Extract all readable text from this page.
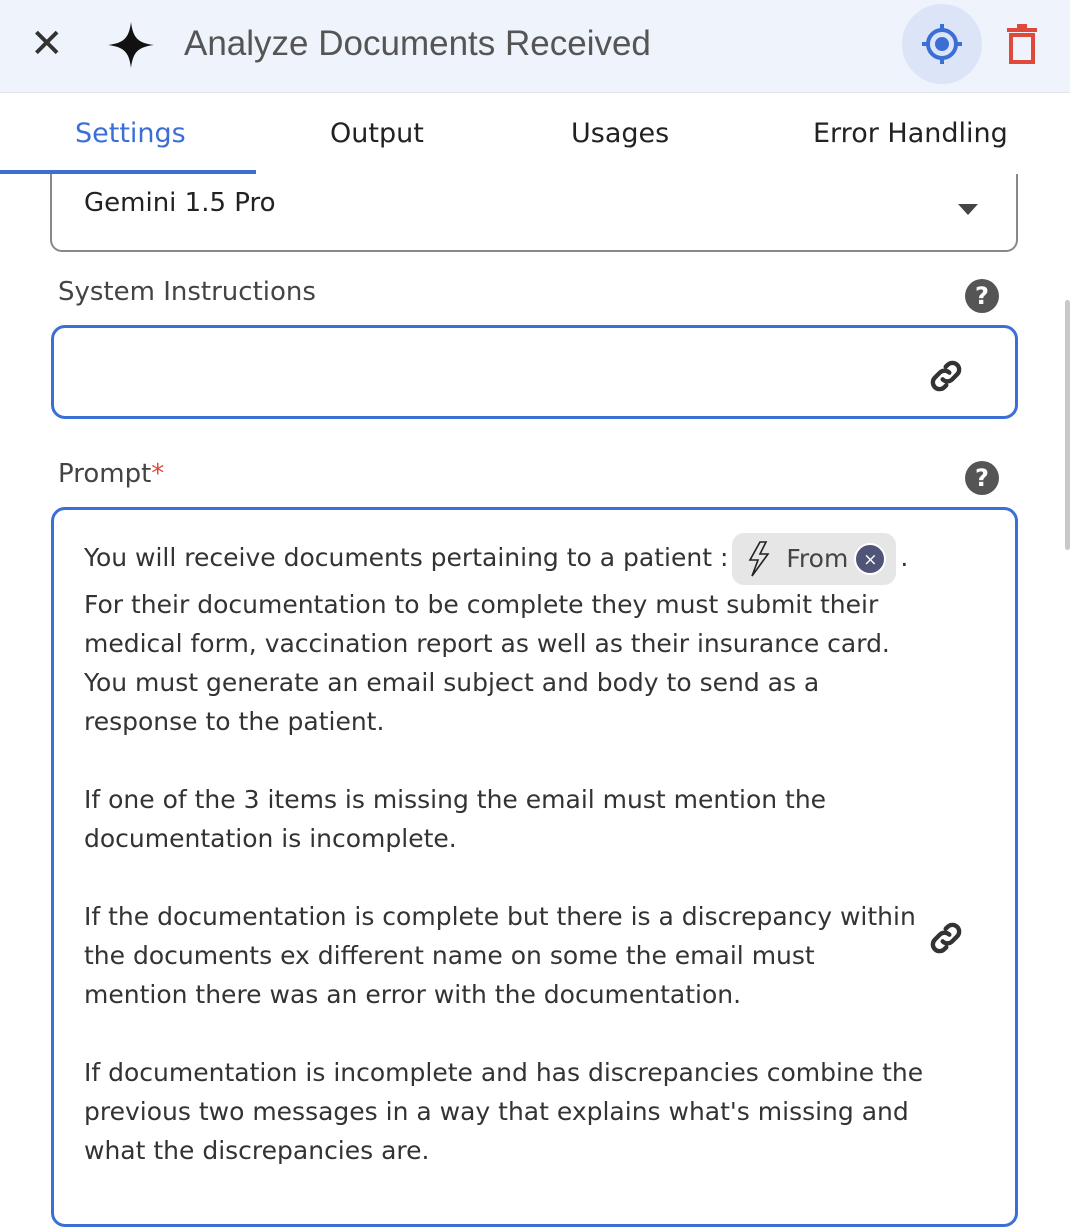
✕	Analyze Documents Received
Settings	Output	Usages	Error Handling
Gemini 1.5 Pro
System Instructions	?
Prompt*	?

You will receive documents pertaining to a patient : From × .

For their documentation to be complete they must submit their medical form, vaccination report as well as their insurance card. You must generate an email subject and body to send as a response to the patient.

If one of the 3 items is missing the email must mention the documentation is incomplete.

If the documentation is complete but there is a discrepancy within the documents ex different name on some the email must mention there was an error with the documentation.

If documentation is incomplete and has discrepancies combine the previous two messages in a way that explains what's missing and what the discrepancies are.
